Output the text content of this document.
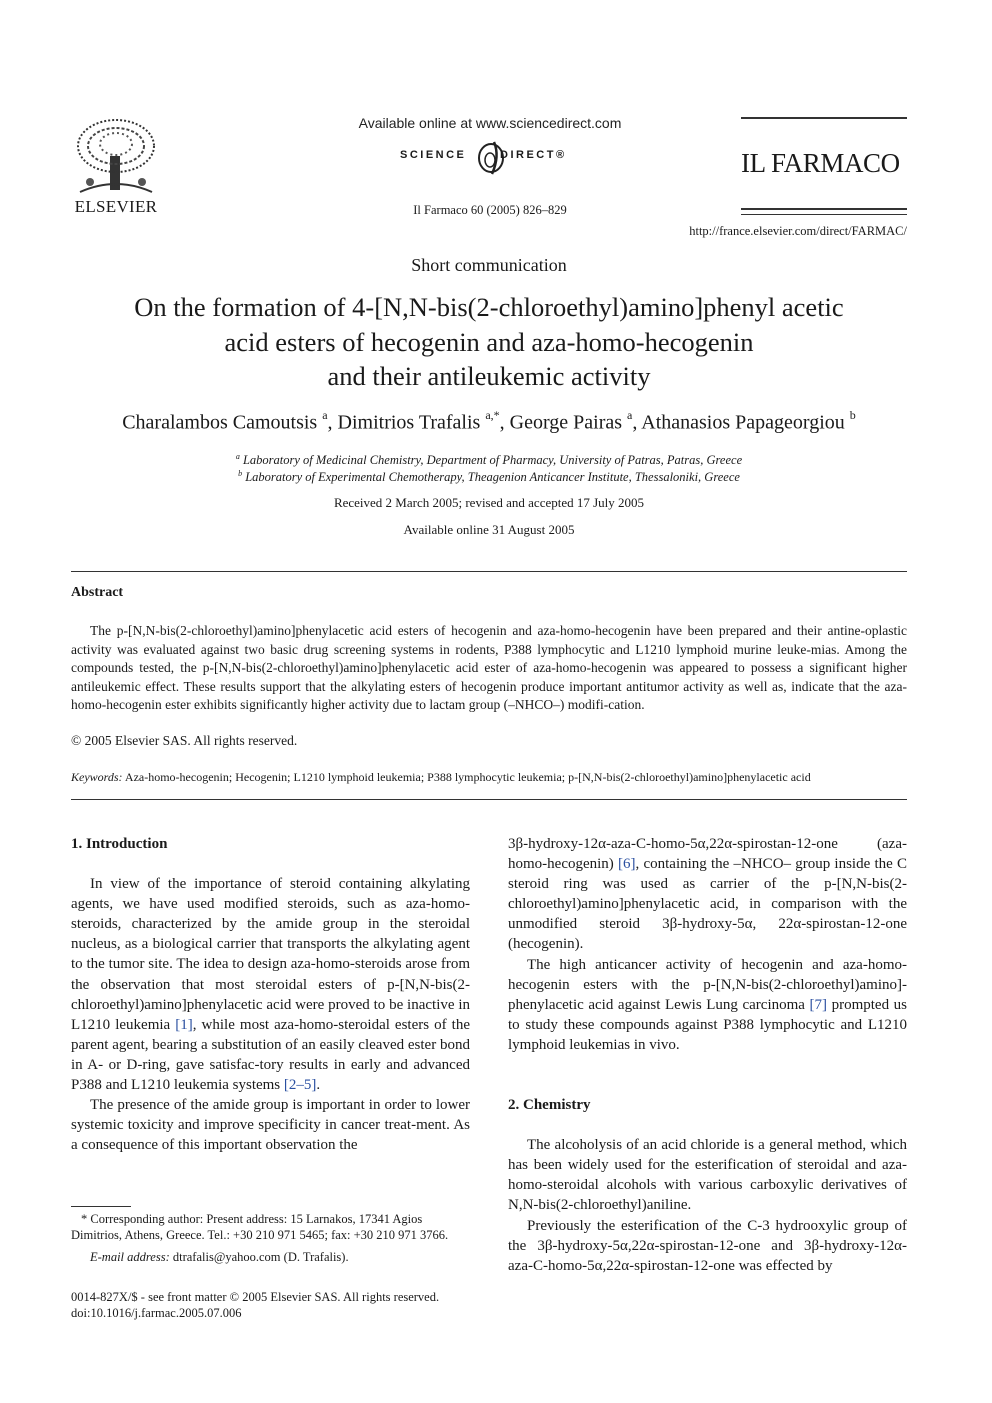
ELSEVIER
Available online at www.sciencedirect.com
SCIENCE	DIRECT®
Il Farmaco 60 (2005) 826–829
IL FARMACO
http://france.elsevier.com/direct/FARMAC/
Short communication
On the formation of 4-[N,N-bis(2-chloroethyl)amino]phenyl acetic
acid esters of hecogenin and aza-homo-hecogenin
and their antileukemic activity
Charalambos Camoutsis $^a$, Dimitrios Trafalis $^{a,*}$, George Pairas $^a$, Athanasios Papageorgiou $^b$
$^a$ Laboratory of Medicinal Chemistry, Department of Pharmacy, University of Patras, Patras, Greece
$^b$ Laboratory of Experimental Chemotherapy, Theagenion Anticancer Institute, Thessaloniki, Greece
Received 2 March 2005; revised and accepted 17 July 2005
Available online 31 August 2005
Abstract

The p-[N,N-bis(2-chloroethyl)amino]phenylacetic acid esters of hecogenin and aza-homo-hecogenin have been prepared and their antine-oplastic activity was evaluated against two basic drug screening systems in rodents, P388 lymphocytic and L1210 lymphoid murine leuke-mias. Among the compounds tested, the p-[N,N-bis(2-chloroethyl)amino]phenylacetic acid ester of aza-homo-hecogenin was appeared to possess a significant higher antileukemic effect. These results support that the alkylating esters of hecogenin produce important antitumor activity as well as, indicate that the aza-homo-hecogenin ester exhibits significantly higher activity due to lactam group (–NHCO–) modifi-cation.

© 2005 Elsevier SAS. All rights reserved.
Keywords: Aza-homo-hecogenin; Hecogenin; L1210 lymphoid leukemia; P388 lymphocytic leukemia; p-[N,N-bis(2-chloroethyl)amino]phenylacetic acid
1. Introduction

In view of the importance of steroid containing alkylating agents, we have used modified steroids, such as aza-homo-steroids, characterized by the amide group in the steroidal nucleus, as a biological carrier that transports the alkylating agent to the tumor site. The idea to design aza-homo-steroids arose from the observation that most steroidal esters of p-[N,N-bis(2-chloroethyl)amino]phenylacetic acid were proved to be inactive in L1210 leukemia [1], while most aza-homo-steroidal esters of the parent agent, bearing a substitution of an easily cleaved ester bond in A- or D-ring, gave satisfac-tory results in early and advanced P388 and L1210 leukemia systems [2–5].

The presence of the amide group is important in order to lower systemic toxicity and improve specificity in cancer treat-ment. As a consequence of this important observation the

3β-hydroxy-12α-aza-C-homo-5α,22α-spirostan-12-one (aza-homo-hecogenin) [6], containing the –NHCO– group inside the C steroid ring was used as carrier of the p-[N,N-bis(2-chloroethyl)amino]phenylacetic acid, in comparison with the unmodified steroid 3β-hydroxy-5α, 22α-spirostan-12-one (hecogenin).

The high anticancer activity of hecogenin and aza-homo-hecogenin esters with the p-[N,N-bis(2-chloroethyl)amino]-phenylacetic acid against Lewis Lung carcinoma [7] prompted us to study these compounds against P388 lymphocytic and L1210 lymphoid leukemias in vivo.

2. Chemistry

The alcoholysis of an acid chloride is a general method, which has been widely used for the esterification of steroidal and aza-homo-steroidal alcohols with various carboxylic derivatives of N,N-bis(2-chloroethyl)aniline.

Previously the esterification of the C-3 hydrooxylic group of the 3β-hydroxy-5α,22α-spirostan-12-one and 3β-hydroxy-12α-aza-C-homo-5α,22α-spirostan-12-one was effected by

* Corresponding author: Present address: 15 Larnakos, 17341 Agios Dimitrios, Athens, Greece. Tel.: +30 210 971 5465; fax: +30 210 971 3766.

E-mail address: dtrafalis@yahoo.com (D. Trafalis).

0014-827X/$ - see front matter © 2005 Elsevier SAS. All rights reserved.

doi:10.1016/j.farmac.2005.07.006
